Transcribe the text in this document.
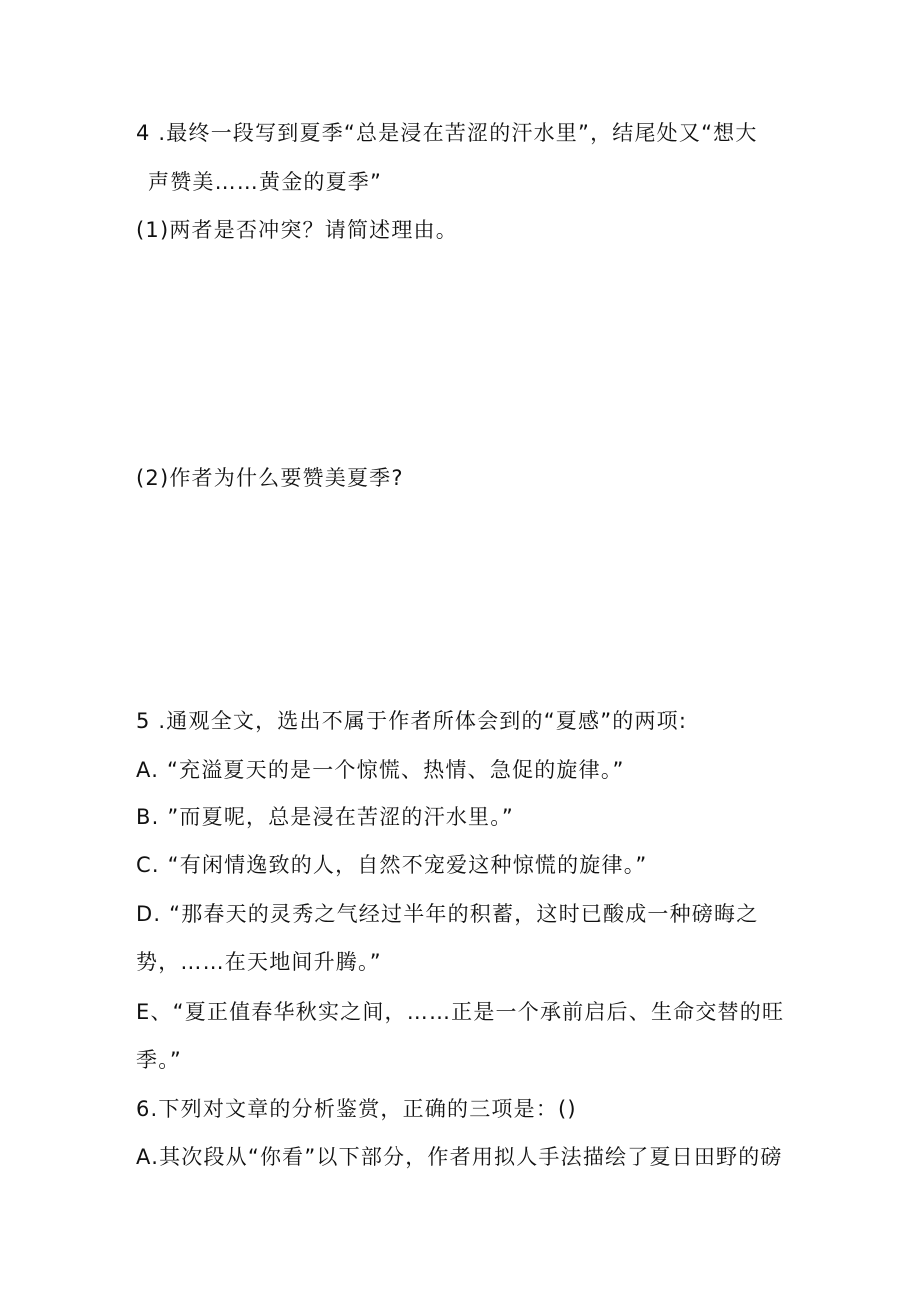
4 .最终一段写到夏季“总是浸在苦涩的汗水里”，结尾处又“想大
声赞美……黄金的夏季”
(1)两者是否冲突？请简述理由。
(2)作者为什么要赞美夏季?
5 .通观全文，选出不属于作者所体会到的“夏感”的两项:
A. “充溢夏天的是一个惊慌、热情、急促的旋律。”
B. ”而夏呢，总是浸在苦涩的汗水里。”
C. “有闲情逸致的人，自然不宠爱这种惊慌的旋律。”
D. “那春天的灵秀之气经过半年的积蓄，这时已酸成一种磅晦之
势，……在天地间升腾。”
E、“夏正值春华秋实之间，……正是一个承前启后、生命交替的旺
季。”
6.下列对文章的分析鉴赏，正确的三项是：()
A.其次段从“你看”以下部分，作者用拟人手法描绘了夏日田野的磅
